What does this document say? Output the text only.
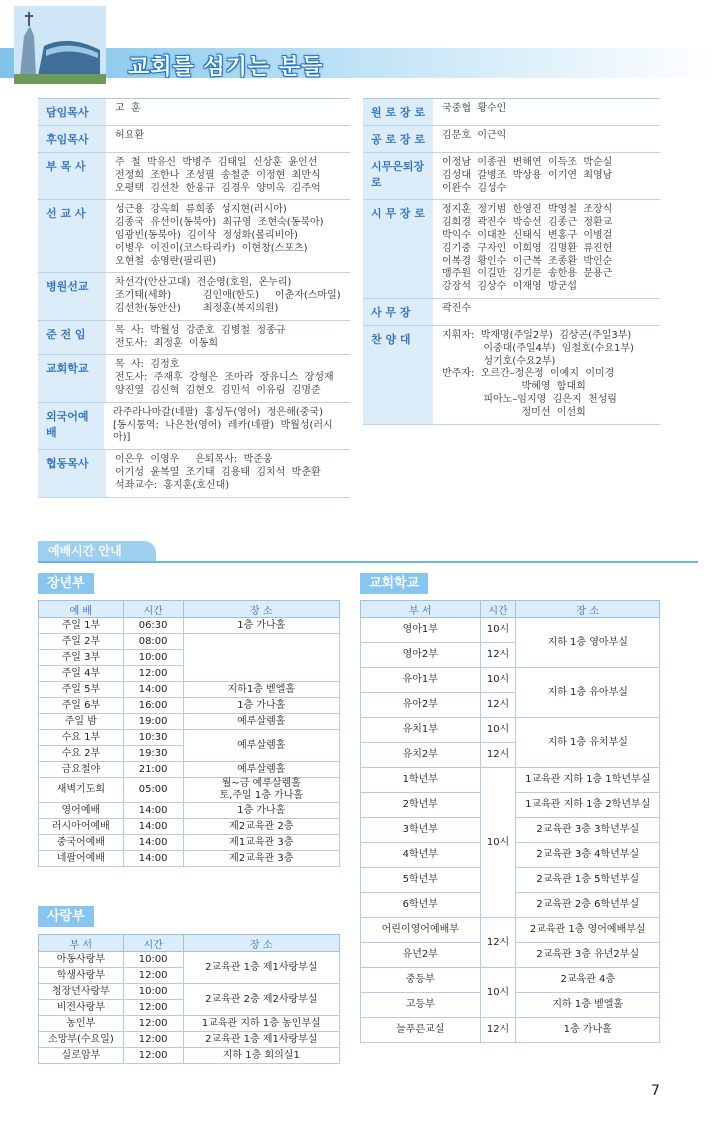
교회를 섬기는 분들
담임목사	고  훈
후임목사	허요환
부 목 사	주  철  박유신  박병주  김태일  신상훈  윤인선
전정희  조한나  조성필  송철준  이정현  최만식
오평택  김선찬  한웅규  김경우  양미옥  김주억
선 교 사	성근용  강옥희  류희종  성지현(러시아)
김종국  유선이(동북아)  최규영  조현숙(동북아)
임광빈(동북아)  김이삭  정성화(볼리비아)
이병우  이진이(코스타리카)  이현창(스포츠)
오현철  송영란(필리핀)
병원선교	차선각(안산고대)  전순영(호원,  온누리)
조기태(세화)          김인애(한도)     이춘자(스마일)
김선찬(동안산)       최정훈(복지의원)
준 전 임	목  사:  박월성  강준호  김병철  정종규
전도사:  최정훈  이동희
교회학교	목  사:  김정호
전도사:  주재후  강형은  조아라  장유니스  장성재
양진열  김신혁  김현오  김민석  이유림  김명준
외국어예배
라주라나마갈(네팔)  홍성두(영어)  정은해(중국)
[동시통역:  나은찬(영어)  레카(네팔)  박월성(러시아)]
협동목사	이은우  이영우     은퇴목사:  박준웅
이기성  윤복열  조기태  김용태  김치석  박춘환
석좌교수:  홍지훈(호신대)
원 로 장 로	국중협  황수인
공 로 장 로	김문호  이근익
시무은퇴장로
이정남  이종권  변해연  이득조  박순실
김성대  갈병조  박상용  이기연  최영남
이완수  김성수
시 무 장 로	정지훈  정기범  한영진  박영철  조장식
김희경  곽진수  박승선  김종근  정환교
박익수  이대찬  신태식  변홍구  이병걸
김기중  구자인  이희영  김명환  류진헌
이복경  황인수  이근복  조종환  박인순
맹주원  이길만  김기문  송한용  문용근
강장석  김상수  이재영  방군섭
사 무 장	곽진수
찬 양 대	지휘자:  박재명(주일2부)  김상곤(주일3부)
이중대(주일4부)  임철호(수요1부)
성기호(수요2부)
반주자:  오르간–정은정  이예지  이미경
박혜영  함대희
피아노–임지영  김은지  천성림
정미선  이선희
예배시간 안내
장년부
예 배	시간	장 소
주일 1부	06:30	1층 가나홀
주일 2부	08:00	
주일 3부	10:00	
주일 4부	12:00	
주일 5부	14:00	지하1층 벧엘홀
주일 6부	16:00	1층 가나홀
주일 밤	19:00	예루살렘홀
수요 1부	10:30	예루살렘홀
수요 2부	19:30	
금요철야	21:00	예루살렘홀
새벽기도회	05:00	월~금 예루살렘홀
토,주일 1층 가나홀
영어예배	14:00	1층 가나홀
러시아어예배	14:00	제2교육관 2층
중국어예배	14:00	제1교육관 3층
네팔어예배	14:00	제2교육관 3층
사랑부
부 서	시간	장 소
아동사랑부	10:00	2교육관 1층 제1사랑부실
학생사랑부	12:00	
청장년사랑부	10:00	2교육관 2층 제2사랑부실
비전사랑부	12:00	
농인부	12:00	1교육관 지하 1층 농인부실
소망부(수요일)	12:00	2교육관 1층 제1사랑부실
실로암부	12:00	지하 1층 회의실1
교회학교
부 서	시간	장 소
영아1부	10시	지하 1층 영아부실
영아2부	12시	
유아1부	10시	지하 1층 유아부실
유아2부	12시	
유치1부	10시	지하 1층 유치부실
유치2부	12시	
1학년부	10시	1교육관 지하 1층 1학년부실
2학년부		1교육관 지하 1층 2학년부실
3학년부		2교육관 3층 3학년부실
4학년부		2교육관 3층 4학년부실
5학년부		2교육관 1층 5학년부실
6학년부		2교육관 2층 6학년부실
어린이영어예배부	12시	2교육관 1층 영어예배부실
유년2부		2교육관 3층 유년2부실
중등부	10시	2교육관 4층
고등부		지하 1층 벧엘홀
늘푸른교실	12시	1층 가나홀
7
